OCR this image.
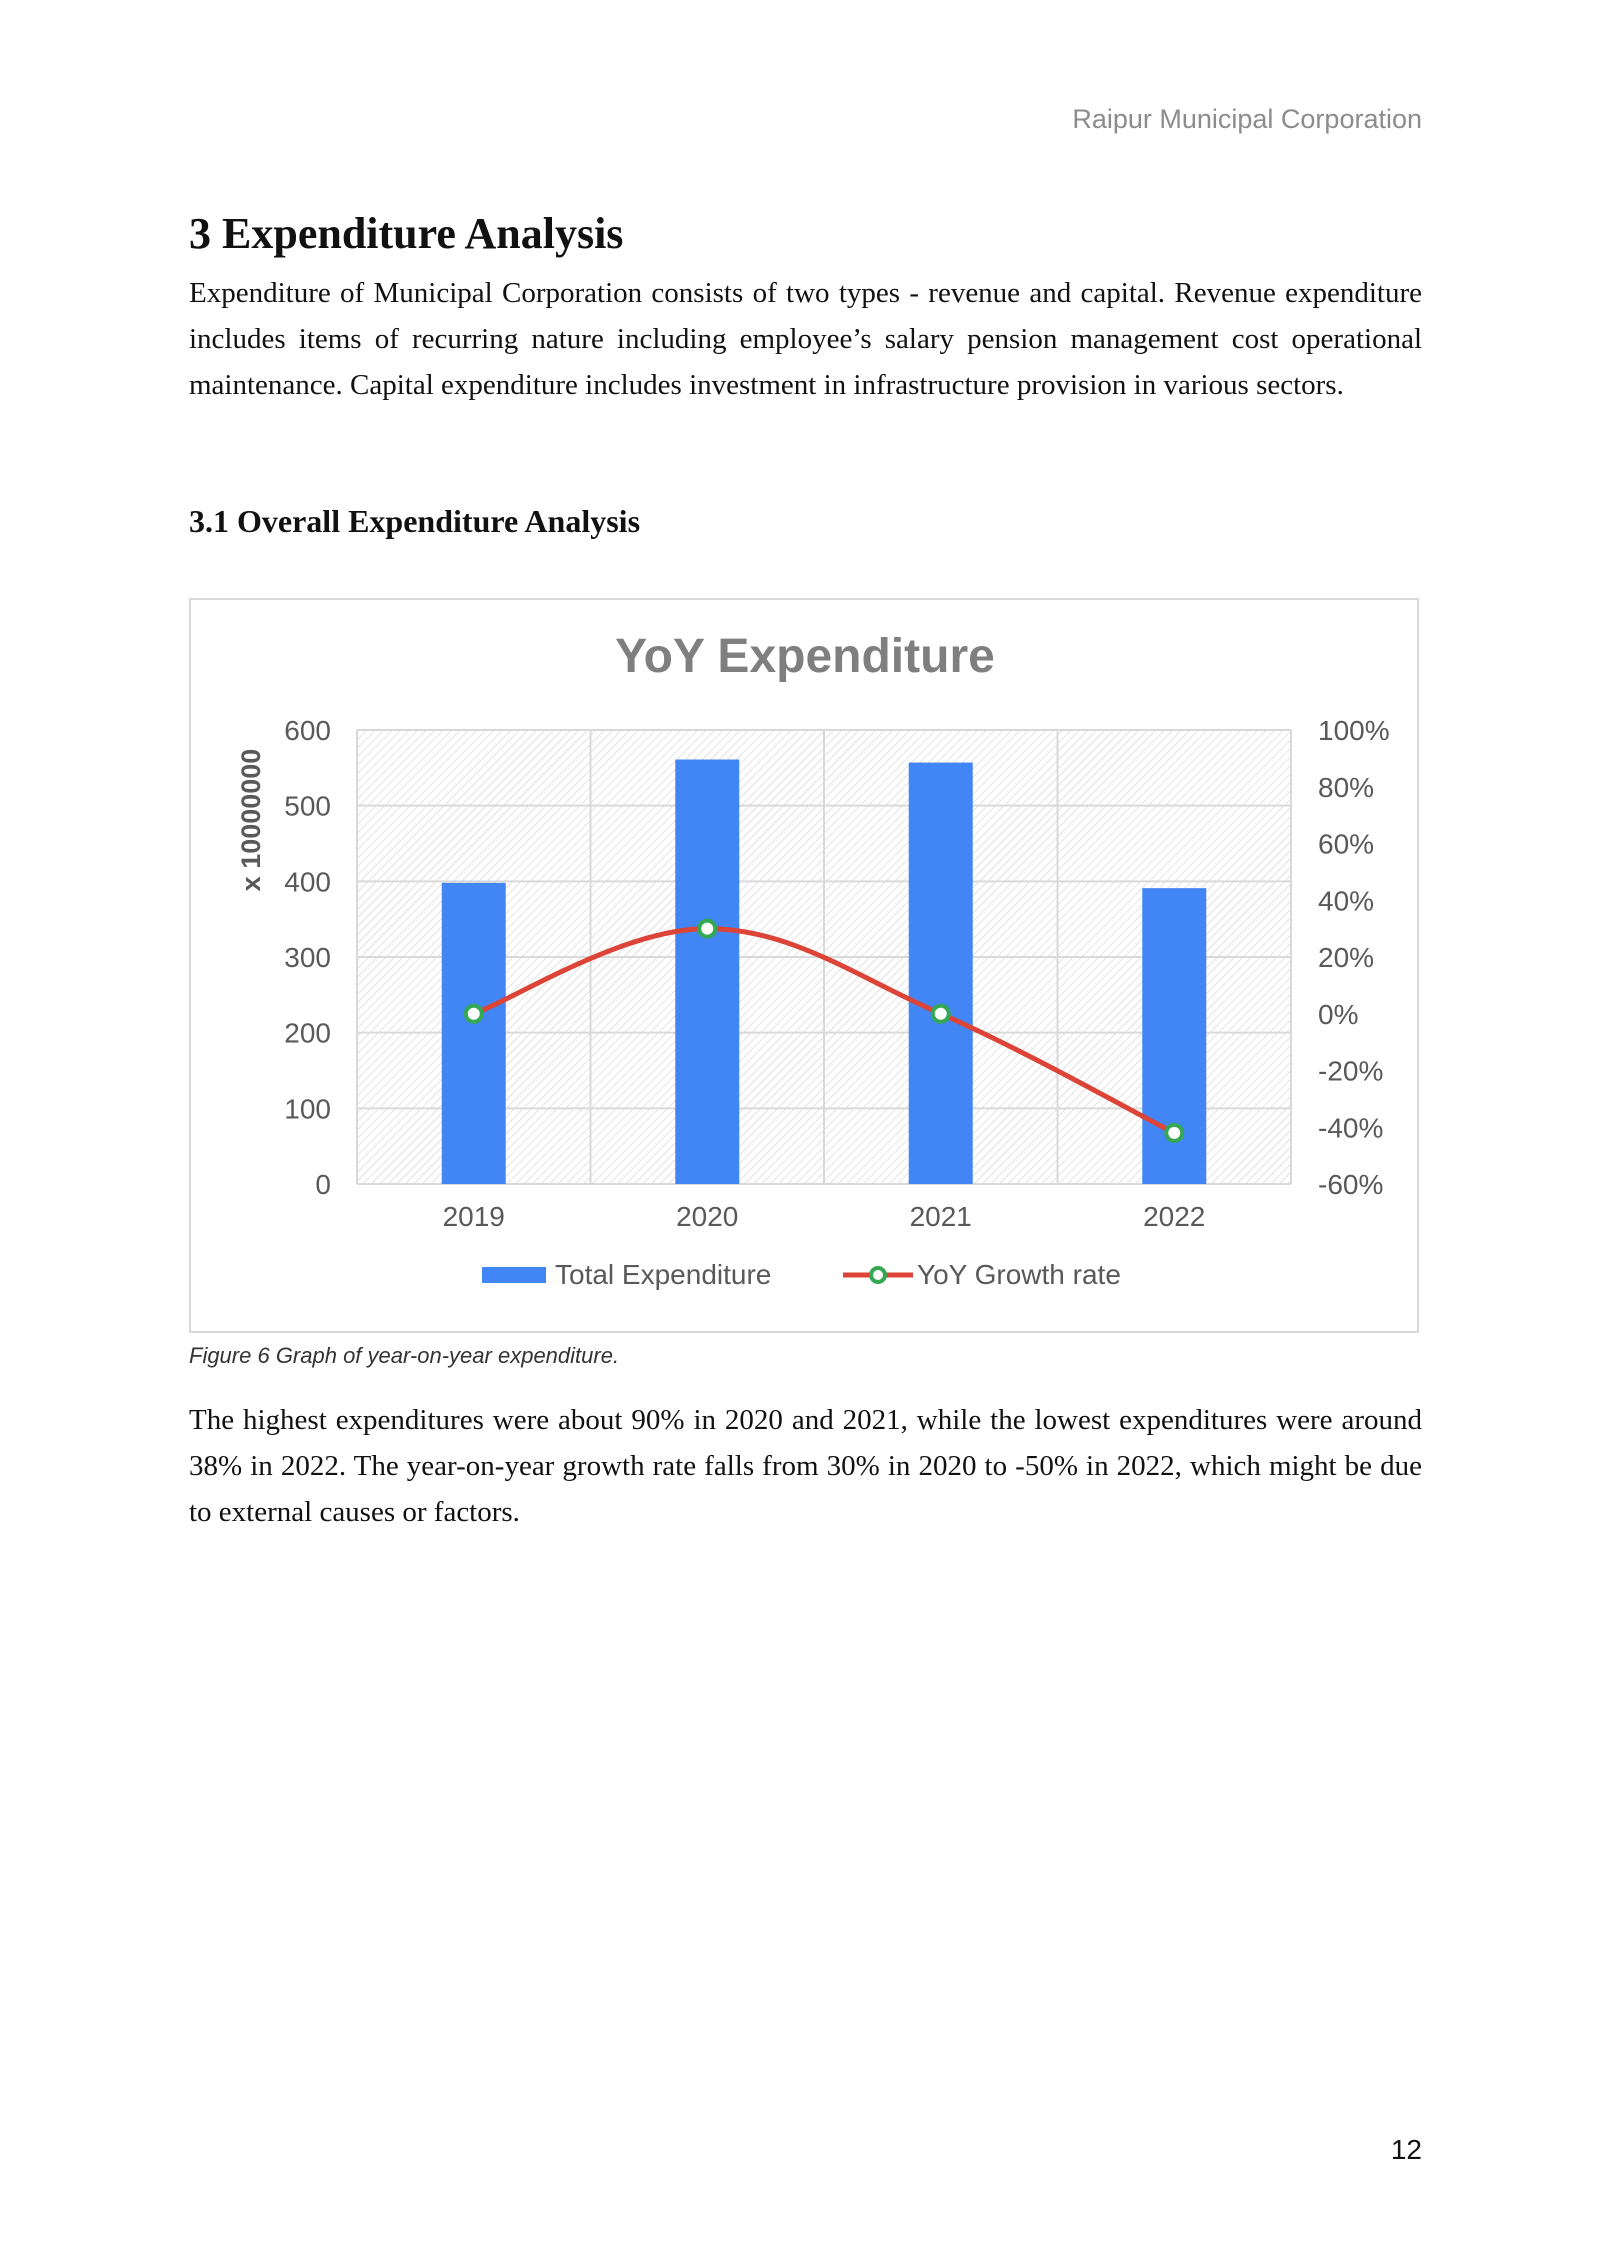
Raipur Municipal Corporation
3 Expenditure Analysis

Expenditure of Municipal Corporation consists of two types - revenue and capital. Revenue expenditure includes items of recurring nature including employee’s salary pension management cost operational maintenance. Capital expenditure includes investment in infrastructure provision in various sectors.

3.1 Overall Expenditure Analysis
YoY Expenditure
0
100
200
300
400
500
600
-60%
-40%
-20%
0%
20%
40%
60%
80%
100%
2019	2020	2021	2022
x 10000000
Total Expenditure	YoY Growth rate

Figure 6 Graph of year-on-year expenditure.

The highest expenditures were about 90% in 2020 and 2021, while the lowest expenditures were around 38% in 2022. The year-on-year growth rate falls from 30% in 2020 to -50% in 2022, which might be due to external causes or factors.

12
